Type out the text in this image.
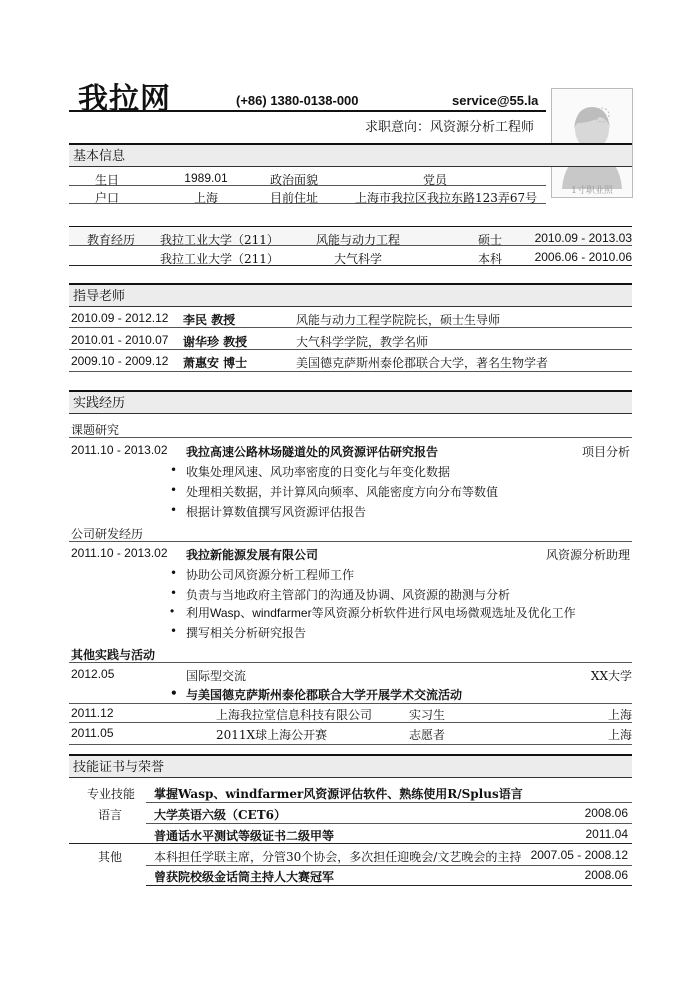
我拉网	(+86) 1380-0138-000	service@55.la
求职意向：风资源分析工程师
1寸职业照
基本信息
生日	1989.01	政治面貌	党员
户口	上海	目前住址	上海市我拉区我拉东路123弄67号
教育经历 我拉工业大学（211）	风能与动力工程	硕士	2010.09 - 2013.03
我拉工业大学（211）	大气科学	本科	2006.06 - 2010.06
指导老师
2010.09 - 2012.12 李民 教授	风能与动力工程学院院长，硕士生导师
2010.01 - 2010.07 谢华珍 教授	大气科学学院，教学名师
2009.10 - 2009.12 萧惠安 博士	美国德克萨斯州泰伦郡联合大学，著名生物学者
实践经历
课题研究
2011.10 - 2013.02 我拉高速公路林场隧道处的风资源评估研究报告	项目分析
• 收集处理风速、风功率密度的日变化与年变化数据
• 处理相关数据，并计算风向频率、风能密度方向分布等数值
• 根据计算数值撰写风资源评估报告
公司研发经历
2011.10 - 2013.02 我拉新能源发展有限公司	风资源分析助理
• 协助公司风资源分析工程师工作
• 负责与当地政府主管部门的沟通及协调、风资源的勘测与分析
• 利用Wasp、windfarmer等风资源分析软件进行风电场微观选址及优化工作
• 撰写相关分析研究报告
其他实践与活动
2012.05	国际型交流	XX大学
• 与美国德克萨斯州泰伦郡联合大学开展学术交流活动
2011.12	上海我拉堂信息科技有限公司	实习生	上海
2011.05	2011X球上海公开赛	志愿者	上海
技能证书与荣誉
专业技能 掌握Wasp、windfarmer风资源评估软件、熟练使用R/Splus语言
语言	大学英语六级（CET6）	2008.06
普通话水平测试等级证书二级甲等	2011.04
其他	本科担任学联主席，分管30个协会，多次担任迎晚会/文艺晚会的主持 2007.05 - 2008.12
曾获院校级金话筒主持人大赛冠军	2008.06
